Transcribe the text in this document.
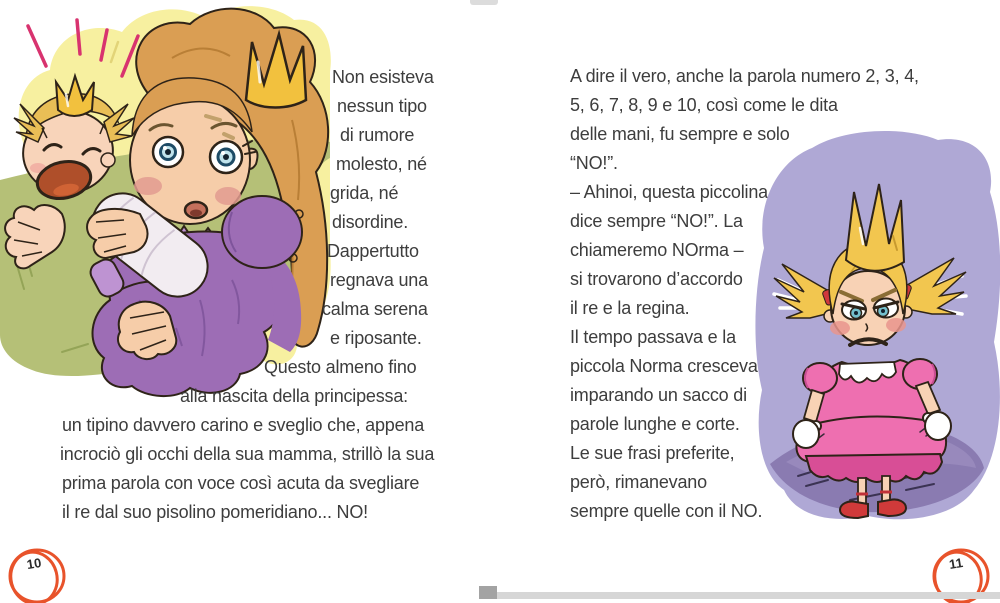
Non esisteva
nessun tipo
di rumore
molesto, né
grida, né
disordine.
Dappertutto
regnava una
calma serena
e riposante.
Questo almeno fino
alla nascita della principessa:
un tipino davvero carino e sveglio che, appena
incrociò gli occhi della sua mamma, strillò la sua
prima parola con voce così acuta da svegliare
il re dal suo pisolino pomeridiano... NO!
A dire il vero, anche la parola numero 2, 3, 4,
5, 6, 7, 8, 9 e 10, così come le dita
delle mani, fu sempre e solo
“NO!”.
– Ahinoi, questa piccolina
dice sempre “NO!”. La
chiameremo NOrma –
si trovarono d’accordo
il re e la regina.
Il tempo passava e la
piccola Norma cresceva
imparando un sacco di
parole lunghe e corte.
Le sue frasi preferite,
però, rimanevano
sempre quelle con il NO.
10	11
